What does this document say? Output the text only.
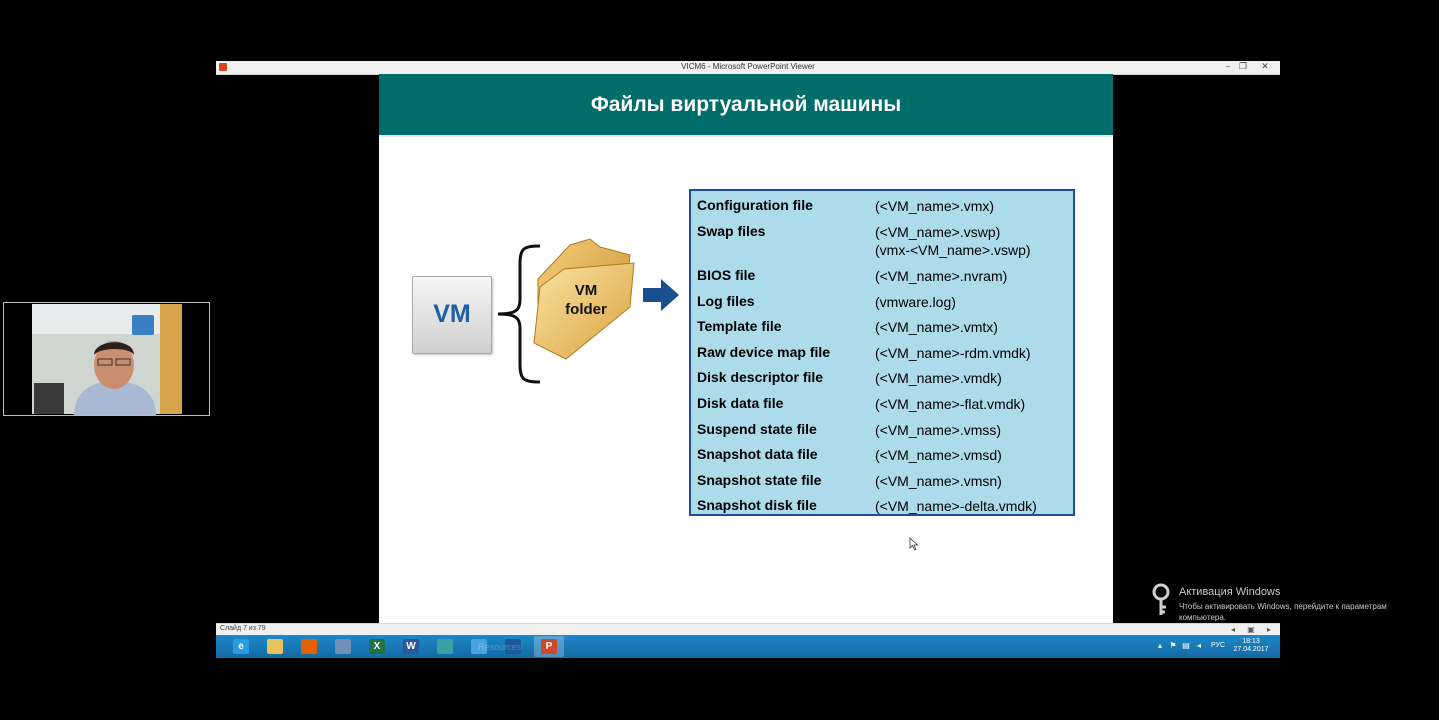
VICM6 - Microsoft PowerPoint Viewer	– ❐	✕
Файлы виртуальной машины
VM
VM
folder
Configuration file	(<VM_name>.vmx)
Swap files	(<VM_name>.vswp)
(vmx-<VM_name>.vswp)
BIOS file	(<VM_name>.nvram)
Log files	(vmware.log)
Template file	(<VM_name>.vmtx)
Raw device map file	(<VM_name>-rdm.vmdk)
Disk descriptor file	(<VM_name>.vmdk)
Disk data file	(<VM_name>-flat.vmdk)
Suspend state file	(<VM_name>.vmss)
Snapshot data file	(<VM_name>.vmsd)
Snapshot state file	(<VM_name>.vmsn)
Snapshot disk file	(<VM_name>-delta.vmdk)
Активация Windows
Чтобы активировать Windows, перейдите к параметрам компьютера.
Слайд 7 из 79	◂	▣	▸
e	X	W	P
Resources	▴ ⚑ ▤ ◂ РУС
18:13
27.04.2017
